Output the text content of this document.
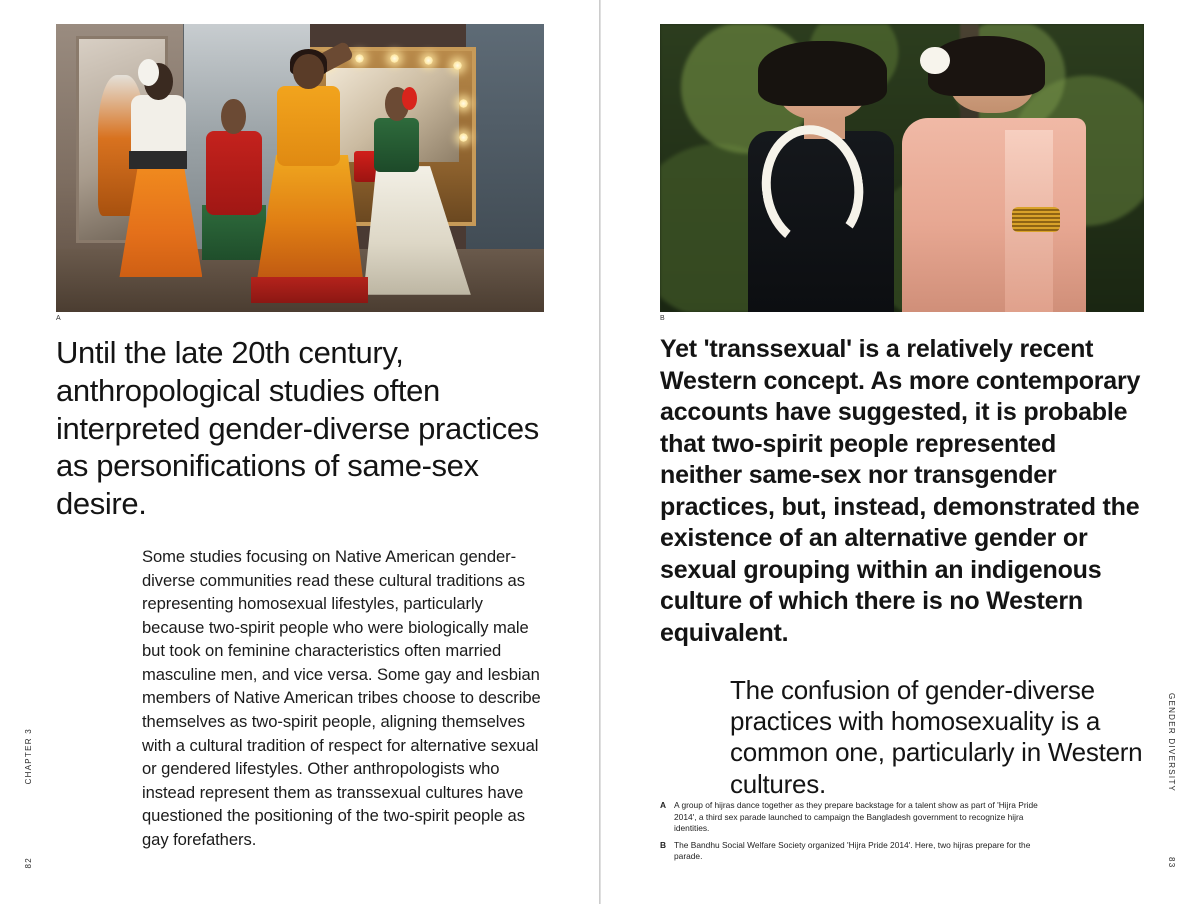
A
Until the late 20th century, anthropological studies often interpreted gender-diverse practices as personifications of same-sex desire.

Some studies focusing on Native American gender-diverse communities read these cultural traditions as representing homosexual lifestyles, particularly because two-spirit people who were biologically male but took on feminine characteristics often married masculine men, and vice versa. Some gay and lesbian members of Native American tribes choose to describe themselves as two-spirit people, aligning themselves with a cultural tradition of respect for alternative sexual or gendered lifestyles. Other anthropologists who instead represent them as transsexual cultures have questioned the positioning of the two-spirit people as gay forefathers.

CHAPTER 3
82
B
Yet 'transsexual' is a relatively recent Western concept. As more contemporary accounts have suggested, it is probable that two-spirit people represented neither same-sex nor transgender practices, but, instead, demonstrated the existence of an alternative gender or sexual grouping within an indigenous culture of which there is no Western equivalent.
The confusion of gender-diverse practices with homosexuality is a common one, particularly in Western cultures.
A A group of hijras dance together as they prepare backstage for a talent show as part of 'Hijra Pride 2014', a third sex parade launched to campaign the Bangladesh government to recognize hijra identities.
B The Bandhu Social Welfare Society organized 'Hijra Pride 2014'. Here, two hijras prepare for the parade.
GENDER DIVERSITY
83
